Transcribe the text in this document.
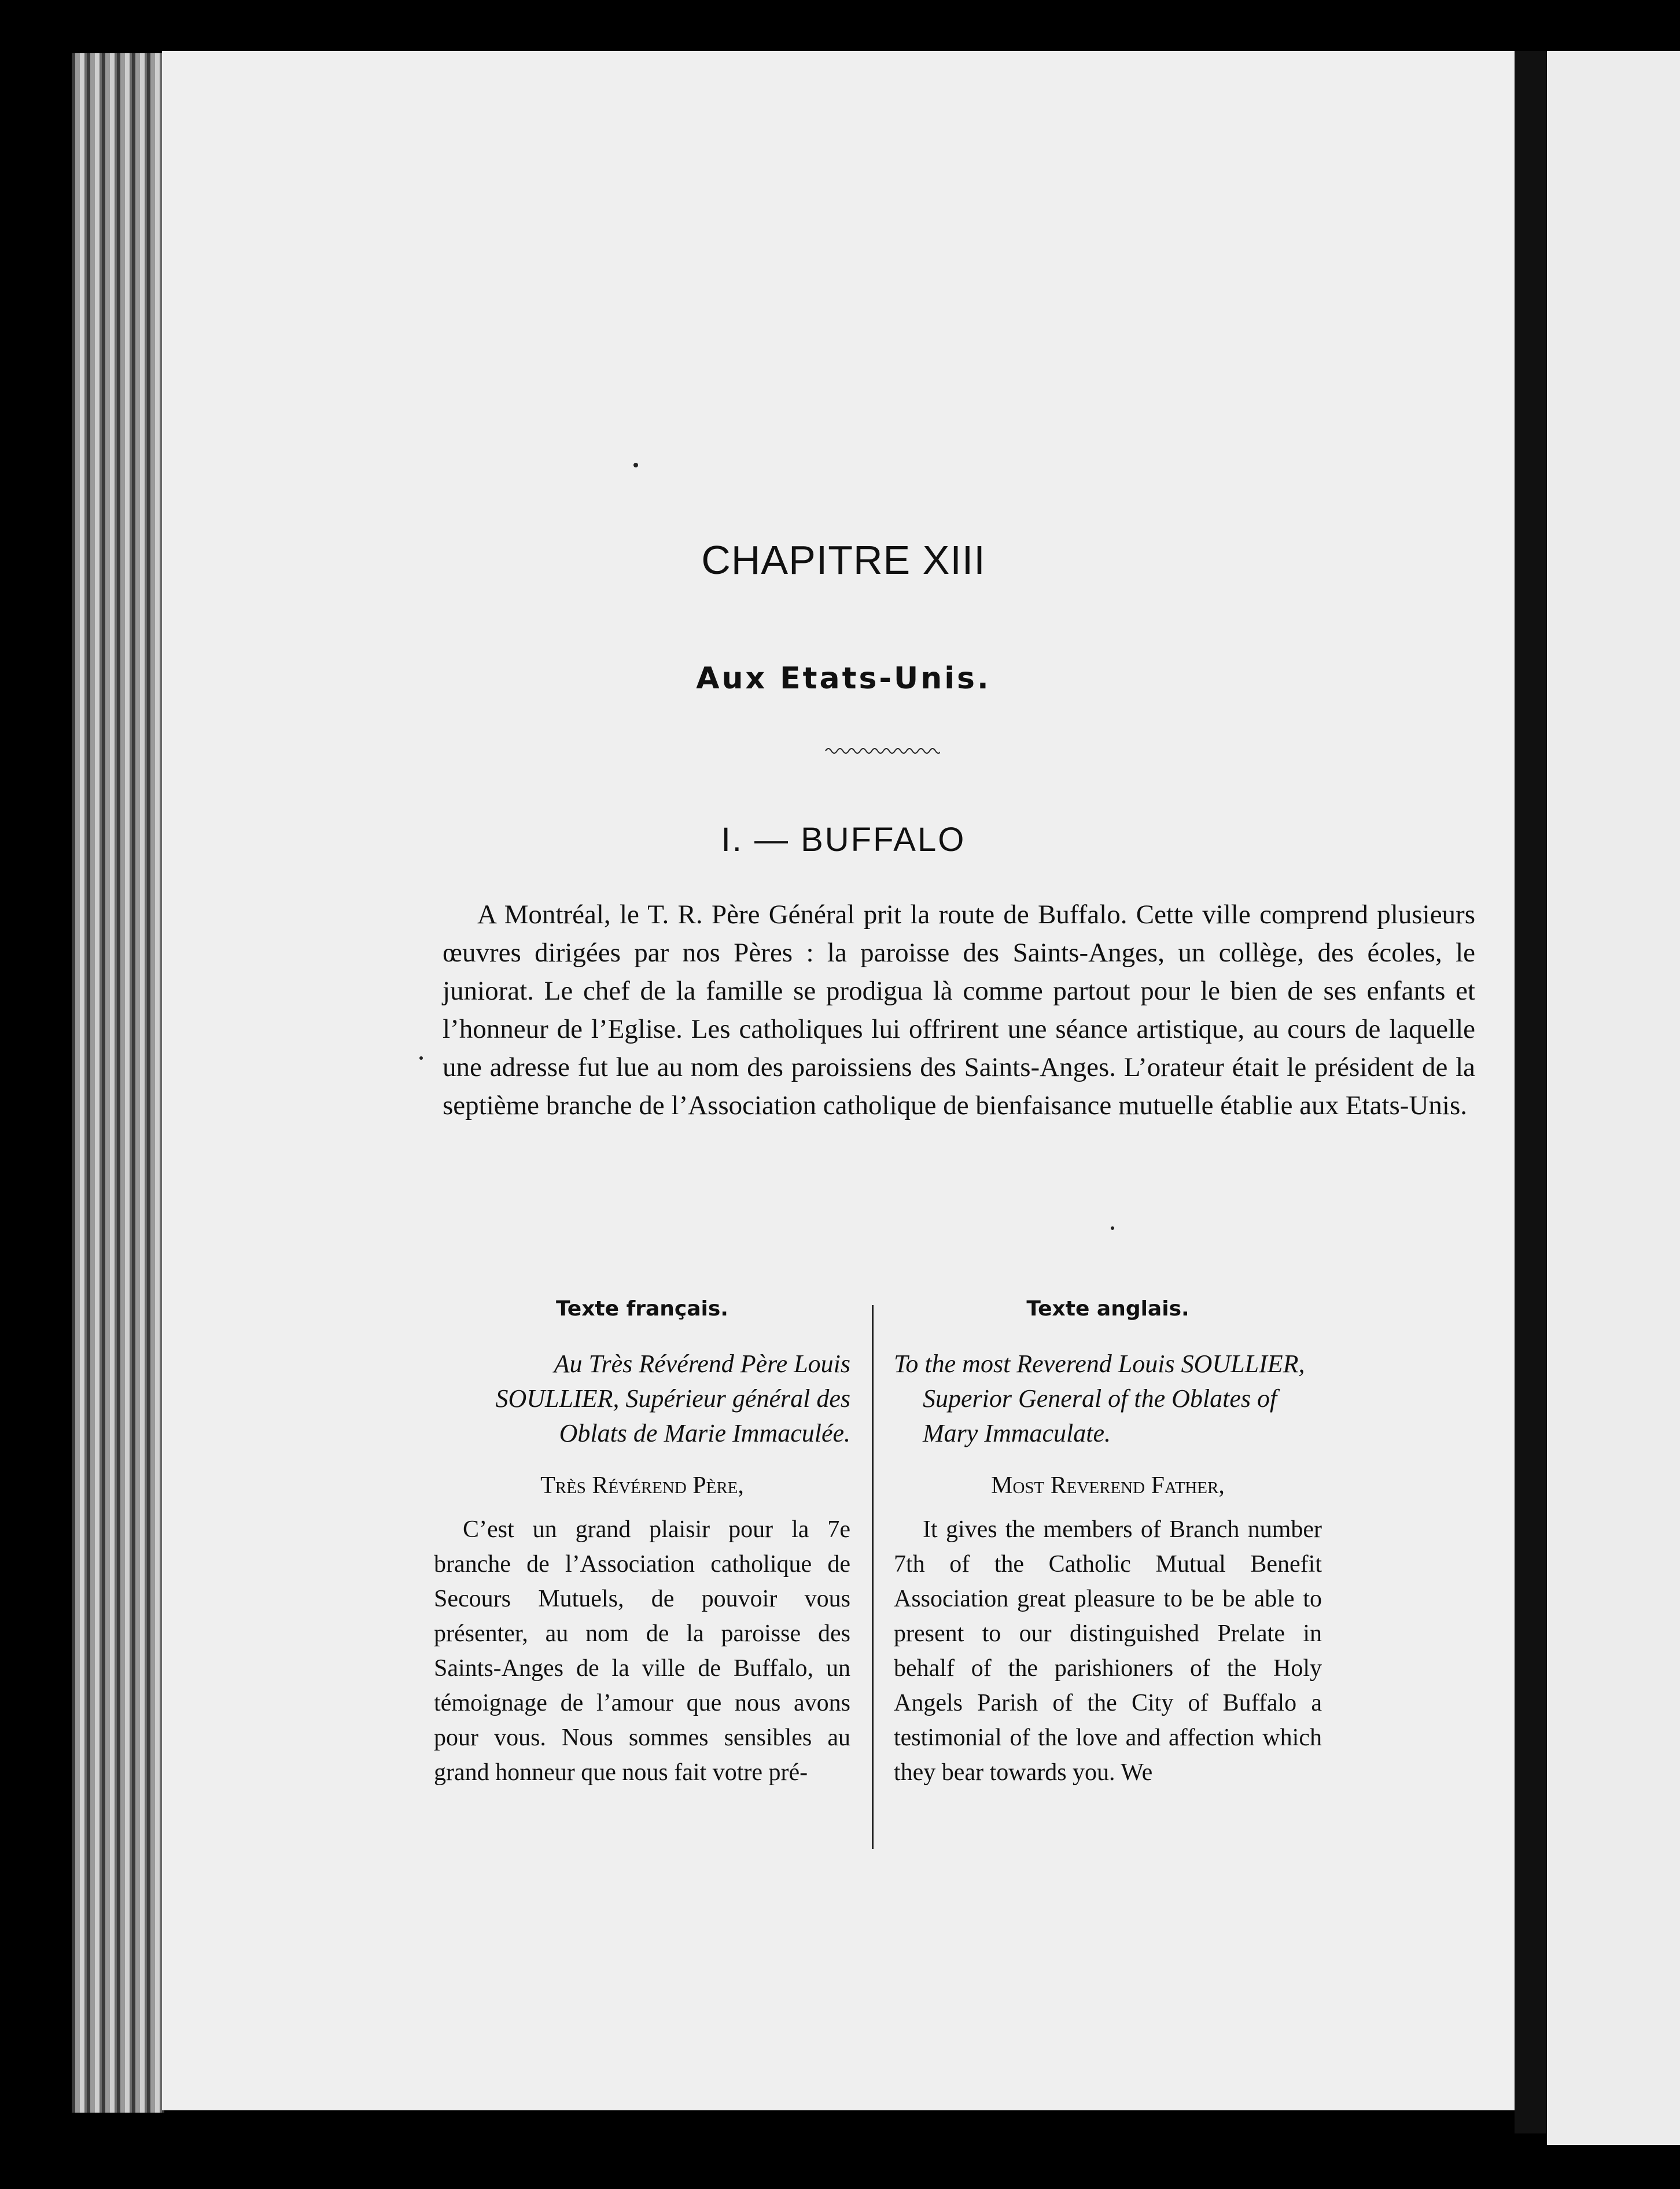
CHAPITRE XIII
Aux Etats-Unis.
I. — BUFFALO

A Montréal, le T. R. Père Général prit la route de Buffalo. Cette ville comprend plusieurs œuvres dirigées par nos Pères : la paroisse des Saints-Anges, un collège, des écoles, le juniorat. Le chef de la famille se prodigua là comme partout pour le bien de ses enfants et l’honneur de l’Eglise. Les catholiques lui offrirent une séance artistique, au cours de laquelle une adresse fut lue au nom des paroissiens des Saints-Anges. L’orateur était le président de la septième branche de l’Association catholique de bienfaisance mutuelle établie aux Etats-Unis.

Texte français.

Au Très Révérend Père Louis SOULLIER, Supérieur général des Oblats de Marie Immaculée.

Très Révérend Père,

C’est un grand plaisir pour la 7e branche de l’Association catholique de Secours Mutuels, de pouvoir vous présenter, au nom de la paroisse des Saints-Anges de la ville de Buffalo, un témoignage de l’amour que nous avons pour vous. Nous sommes sensibles au grand honneur que nous fait votre pré-

Texte anglais.

To the most Reverend Louis SOULLIER, Superior General of the Oblates of Mary Immaculate.

Most Reverend Father,

It gives the members of Branch number 7th of the Catholic Mutual Benefit Association great pleasure to be be able to present to our distinguished Prelate in behalf of the parishioners of the Holy Angels Parish of the City of Buffalo a testimonial of the love and affection which they bear towards you. We
